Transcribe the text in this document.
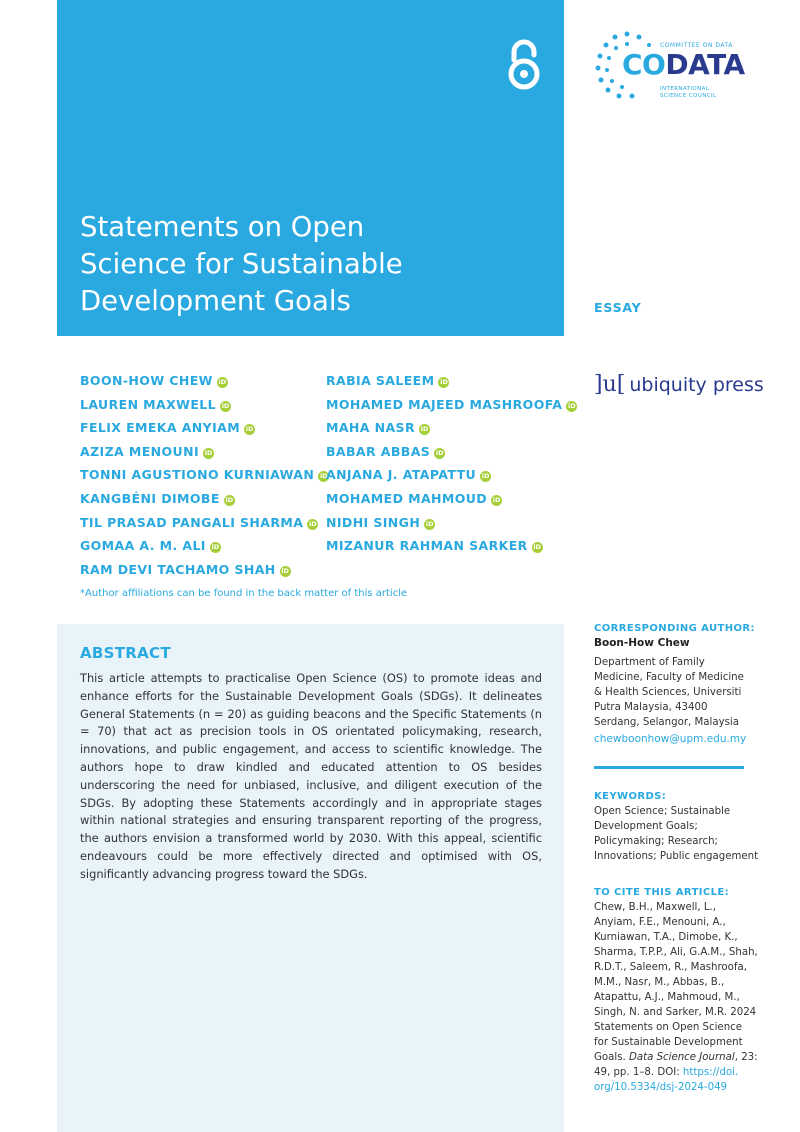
Statements on Open
Science for Sustainable
Development Goals
COMMITTEE ON DATA
CODATA
INTERNATIONAL
SCIENCE COUNCIL
ESSAY
]u[ ubiquity press
BOON-HOW CHEW iD
LAUREN MAXWELL iD
FELIX EMEKA ANYIAM iD
AZIZA MENOUNI iD
TONNI AGUSTIONO KURNIAWAN iD
KANGBÉNI DIMOBE iD
TIL PRASAD PANGALI SHARMA iD
GOMAA A. M. ALI iD
RAM DEVI TACHAMO SHAH iD
RABIA SALEEM iD
MOHAMED MAJEED MASHROOFA iD
MAHA NASR iD
BABAR ABBAS iD
ANJANA J. ATAPATTU iD
MOHAMED MAHMOUD iD
NIDHI SINGH iD
MIZANUR RAHMAN SARKER iD
*Author affiliations can be found in the back matter of this article
ABSTRACT
This article attempts to practicalise Open Science (OS) to promote ideas and enhance efforts for the Sustainable Development Goals (SDGs). It delineates General Statements (n = 20) as guiding beacons and the Specific Statements (n = 70) that act as precision tools in OS orientated policymaking, research, innovations, and public engagement, and access to scientific knowledge. The authors hope to draw kindled and educated attention to OS besides underscoring the need for unbiased, inclusive, and diligent execution of the SDGs. By adopting these Statements accordingly and in appropriate stages within national strategies and ensuring transparent reporting of the progress, the authors envision a transformed world by 2030. With this appeal, scientific endeavours could be more effectively directed and optimised with OS, significantly advancing progress toward the SDGs.
CORRESPONDING AUTHOR:
Boon-How Chew
Department of Family
Medicine, Faculty of Medicine
& Health Sciences, Universiti
Putra Malaysia, 43400
Serdang, Selangor, Malaysia
chewboonhow@upm.edu.my
KEYWORDS:
Open Science; Sustainable
Development Goals;
Policymaking; Research;
Innovations; Public engagement
TO CITE THIS ARTICLE:
Chew, B.H., Maxwell, L.,
Anyiam, F.E., Menouni, A.,
Kurniawan, T.A., Dimobe, K.,
Sharma, T.P.P., Ali, G.A.M., Shah,
R.D.T., Saleem, R., Mashroofa,
M.M., Nasr, M., Abbas, B.,
Atapattu, A.J., Mahmoud, M.,
Singh, N. and Sarker, M.R. 2024
Statements on Open Science
for Sustainable Development
Goals. Data Science Journal, 23:
49, pp. 1–8. DOI: https://doi.
org/10.5334/dsj-2024-049
